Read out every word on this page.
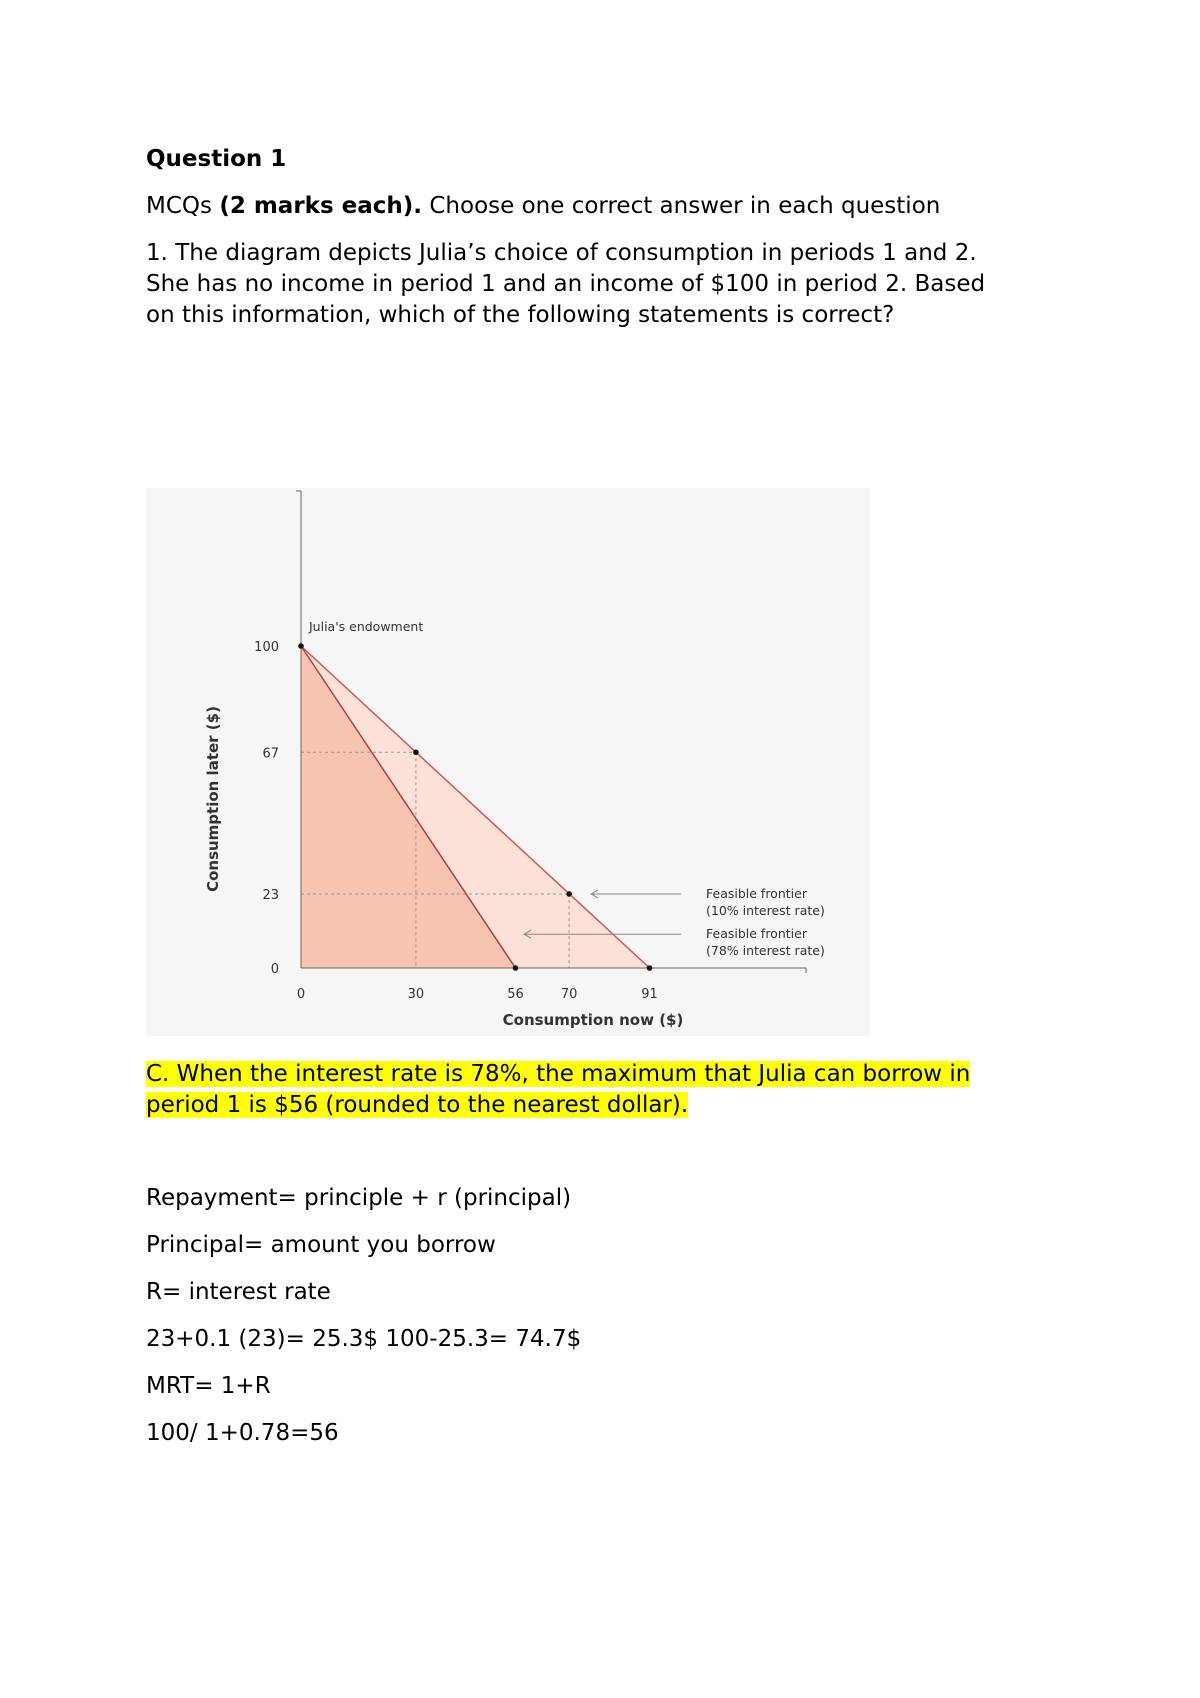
Question 1
MCQs (2 marks each). Choose one correct answer in each question
1. The diagram depicts Julia’s choice of consumption in periods 1 and 2.
She has no income in period 1 and an income of $100 in period 2. Based
on this information, which of the following statements is correct?
0	30	56	70	91
0
23
67
100
Consumption now ($)
Consumption later ($)
Julia's endowment
Feasible frontier
(10% interest rate)
Feasible frontier
(78% interest rate)
C. When the interest rate is 78%, the maximum that Julia can borrow in
period 1 is $56 (rounded to the nearest dollar).
Repayment= principle + r (principal)
Principal= amount you borrow
R= interest rate
23+0.1 (23)= 25.3$ 100-25.3= 74.7$
MRT= 1+R
100/ 1+0.78=56
